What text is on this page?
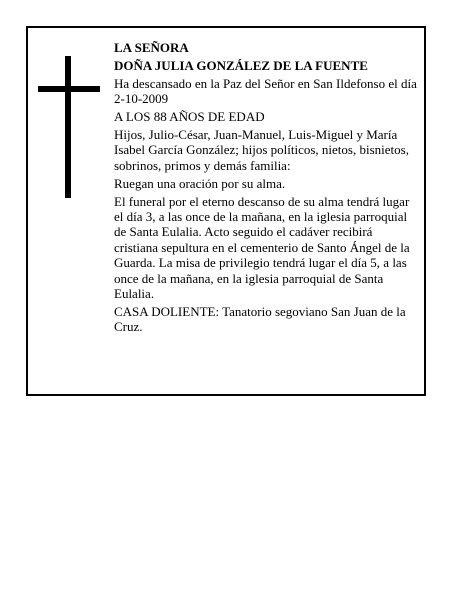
LA SEÑORA

DOÑA JULIA GONZÁLEZ DE LA FUENTE

Ha descansado en la Paz del Señor en San Ildefonso el día 2-10-2009

A LOS 88 AÑOS DE EDAD

Hijos, Julio-César, Juan-Manuel, Luis-Miguel y María Isabel García González; hijos políticos, nietos, bisnietos, sobrinos, primos y demás familia:

Ruegan una oración por su alma.

El funeral por el eterno descanso de su alma tendrá lugar el día 3, a las once de la mañana, en la iglesia parroquial de Santa Eulalia. Acto seguido el cadáver recibirá cristiana sepultura en el cementerio de Santo Ángel de la Guarda. La misa de privilegio tendrá lugar el día 5, a las once de la mañana, en la iglesia parroquial de Santa Eulalia.

CASA DOLIENTE: Tanatorio segoviano San Juan de la Cruz.
